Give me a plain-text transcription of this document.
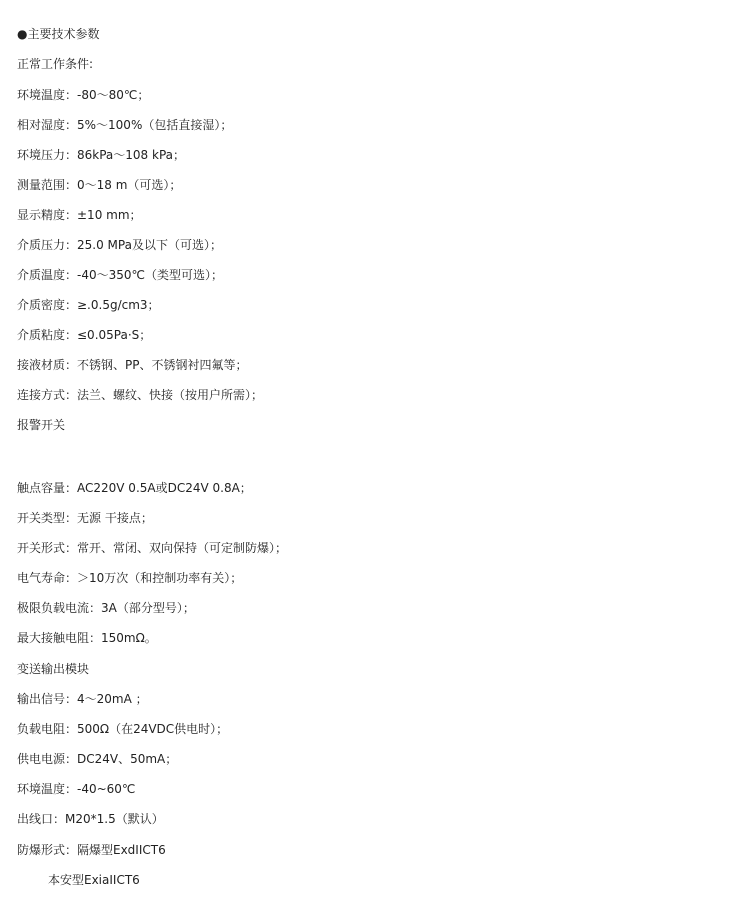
●主要技术参数
正常工作条件:
环境温度：-80～80℃；
相对湿度：5%～100%（包括直接湿）；
环境压力：86kPa～108 kPa；
测量范围：0～18 m（可选）；
显示精度：±10 mm；
介质压力：25.0 MPa及以下（可选）；
介质温度：-40～350℃（类型可选）；
介质密度：≥.0.5g/cm3；
介质粘度：≤0.05Pa·S；
接液材质：不锈钢、PP、不锈钢衬四氟等；
连接方式：法兰、螺纹、快接（按用户所需）；
报警开关
触点容量：AC220V 0.5A或DC24V 0.8A；
开关类型：无源 干接点；
开关形式：常开、常闭、双向保持（可定制防爆）；
电气寿命：＞10万次（和控制功率有关）；
极限负载电流：3A（部分型号）；
最大接触电阻：150mΩ。
变送输出模块
输出信号：4～20mA ；
负载电阻：500Ω（在24VDC供电时）；
供电电源：DC24V、50mA；
环境温度：-40~60℃
出线口：M20*1.5（默认）
防爆形式：隔爆型ExdIICT6
本安型ExiaIICT6
